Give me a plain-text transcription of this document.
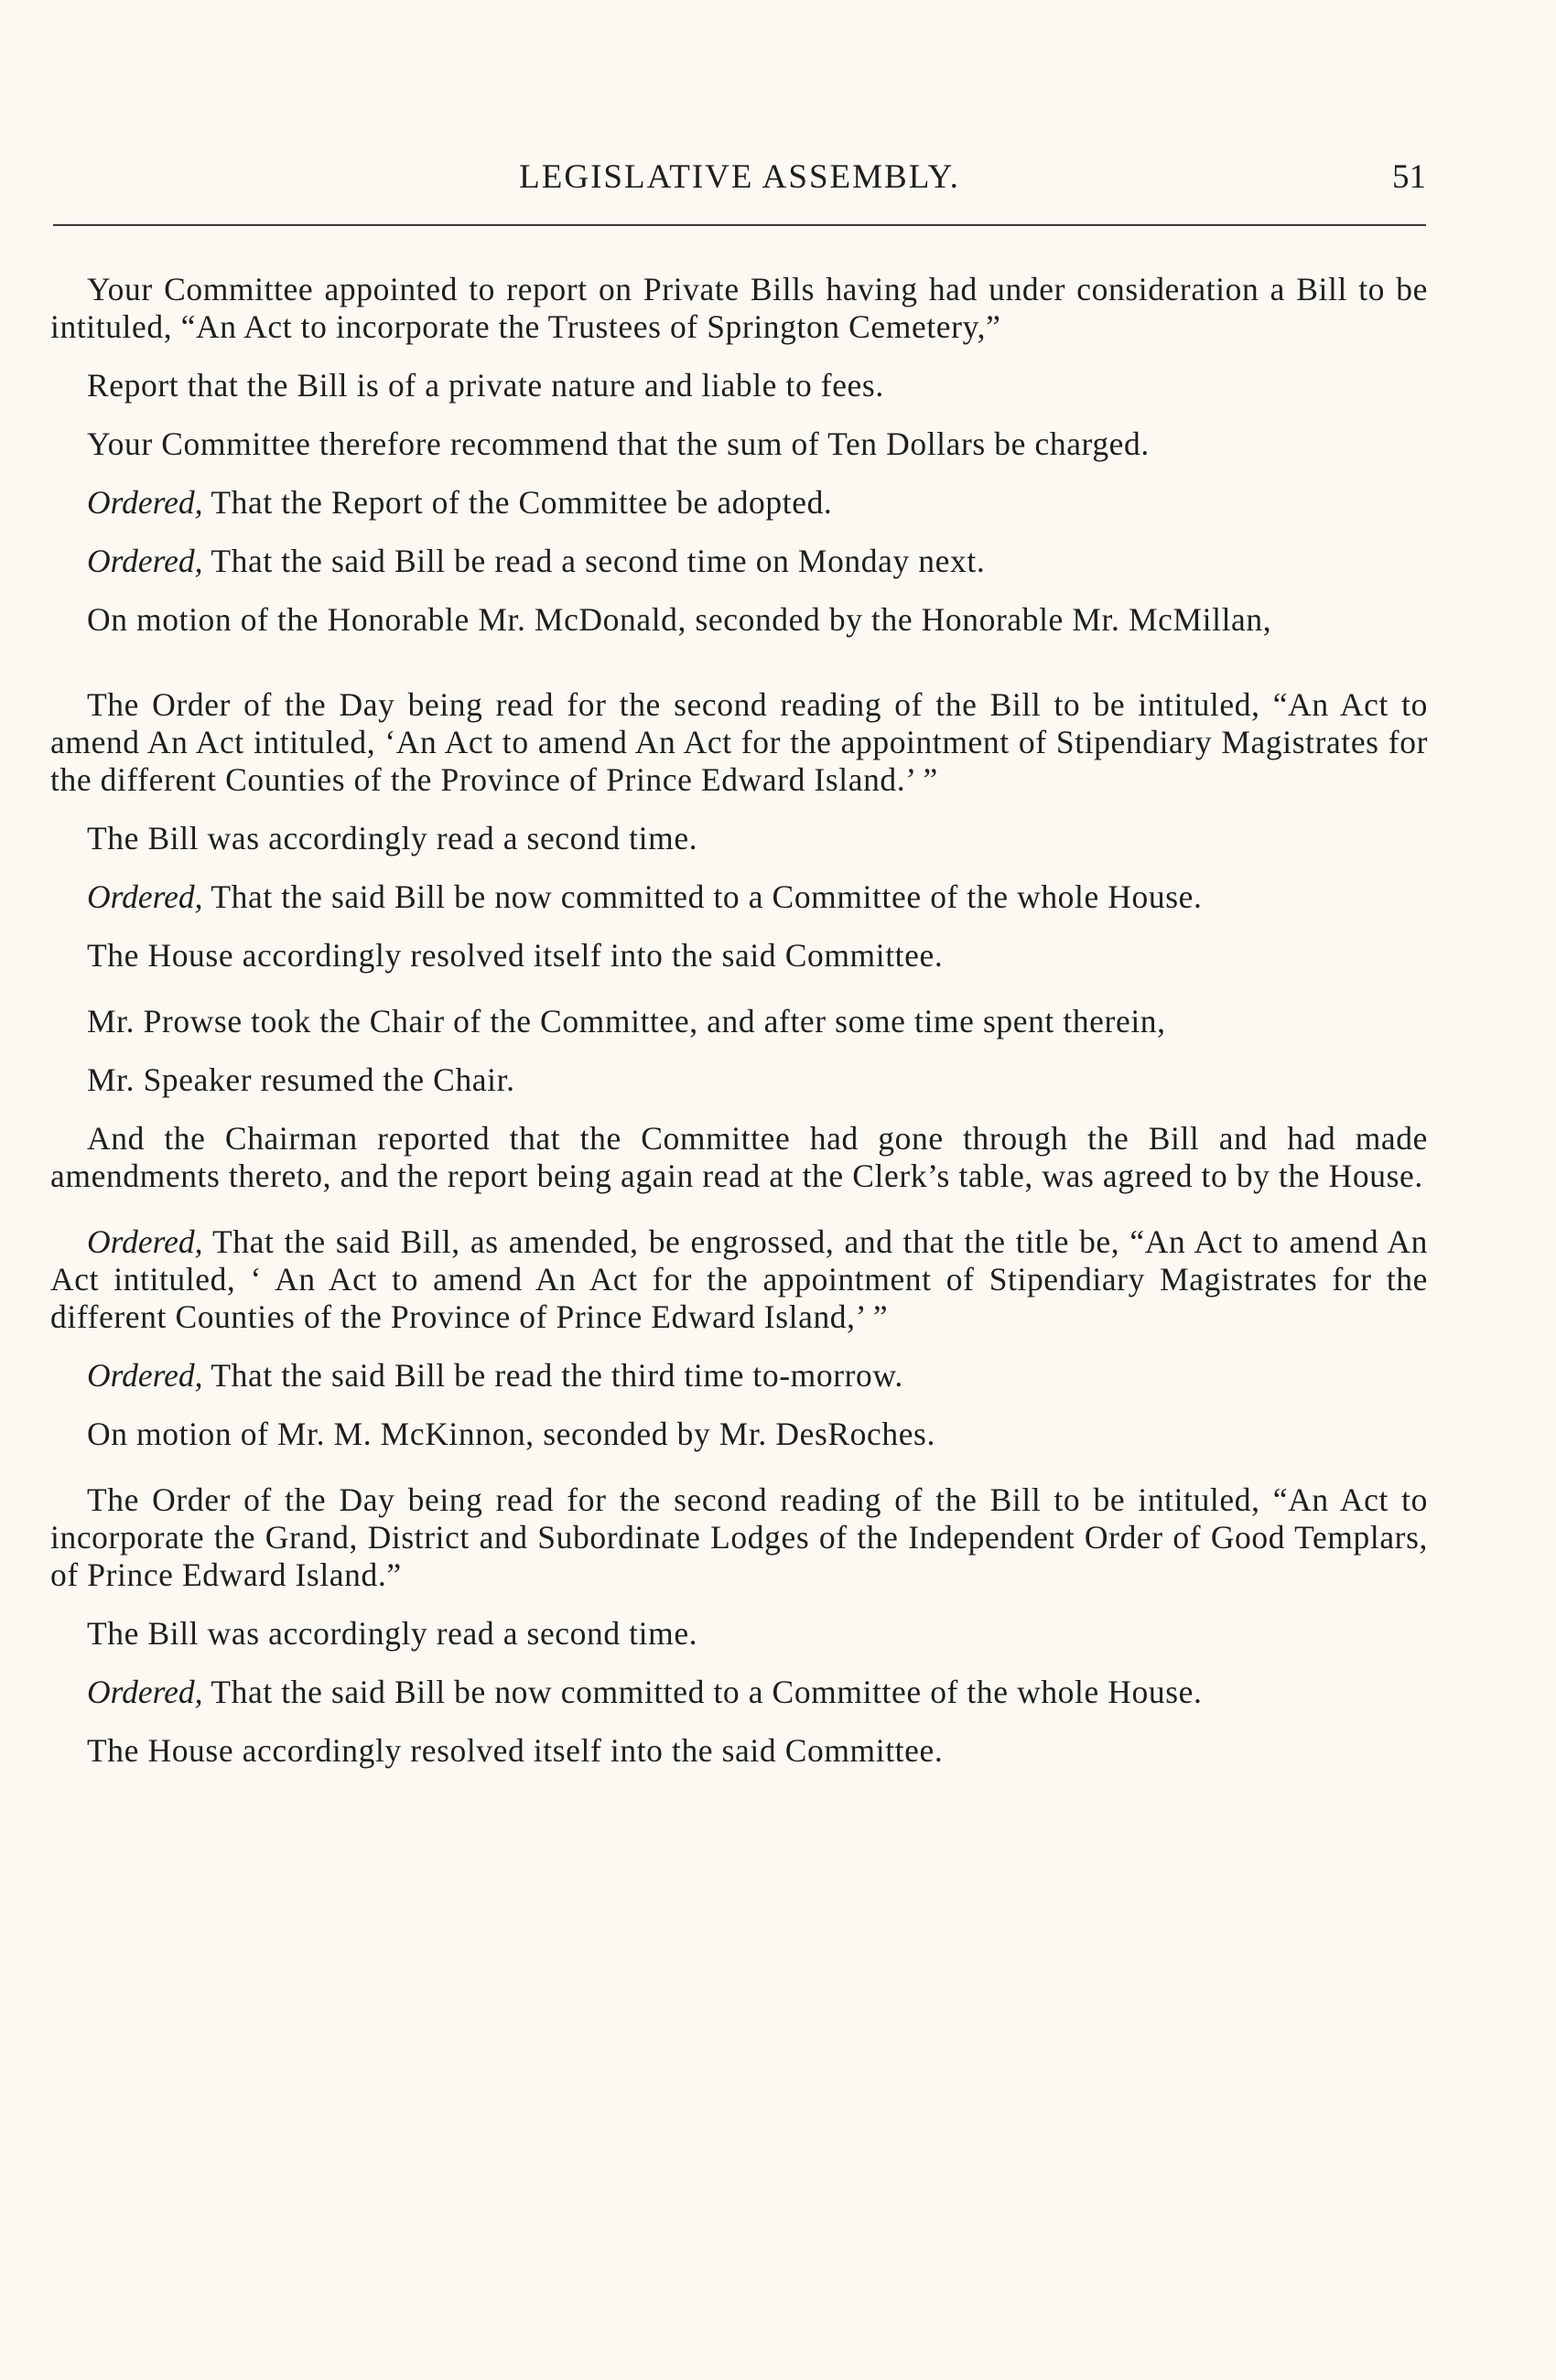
LEGISLATIVE ASSEMBLY.	51

Your Committee appointed to report on Private Bills having had under consideration a Bill to be intituled, “An Act to incorporate the Trustees of Springton Cemetery,”

Report that the Bill is of a private nature and liable to fees.

Your Committee therefore recommend that the sum of Ten Dollars be charged.

Ordered, That the Report of the Committee be adopted.

Ordered, That the said Bill be read a second time on Monday next.

On motion of the Honorable Mr. McDonald, seconded by the Honorable Mr. McMillan,

The Order of the Day being read for the second reading of the Bill to be intituled, “An Act to amend An Act intituled, ‘An Act to amend An Act for the appointment of Stipendiary Magistrates for the different Counties of the Province of Prince Edward Island.’ ”

The Bill was accordingly read a second time.

Ordered, That the said Bill be now committed to a Committee of the whole House.

The House accordingly resolved itself into the said Committee.

Mr. Prowse took the Chair of the Committee, and after some time spent therein,

Mr. Speaker resumed the Chair.

And the Chairman reported that the Committee had gone through the Bill and had made amendments thereto, and the report being again read at the Clerk’s table, was agreed to by the House.

Ordered, That the said Bill, as amended, be engrossed, and that the title be, “An Act to amend An Act intituled, ‘ An Act to amend An Act for the appointment of Stipendiary Magistrates for the different Counties of the Province of Prince Edward Island,’ ”

Ordered, That the said Bill be read the third time to-morrow.

On motion of Mr. M. McKinnon, seconded by Mr. DesRoches.

The Order of the Day being read for the second reading of the Bill to be intituled, “An Act to incorporate the Grand, District and Subordinate Lodges of the Independent Order of Good Templars, of Prince Edward Island.”

The Bill was accordingly read a second time.

Ordered, That the said Bill be now committed to a Committee of the whole House.

The House accordingly resolved itself into the said Committee.
